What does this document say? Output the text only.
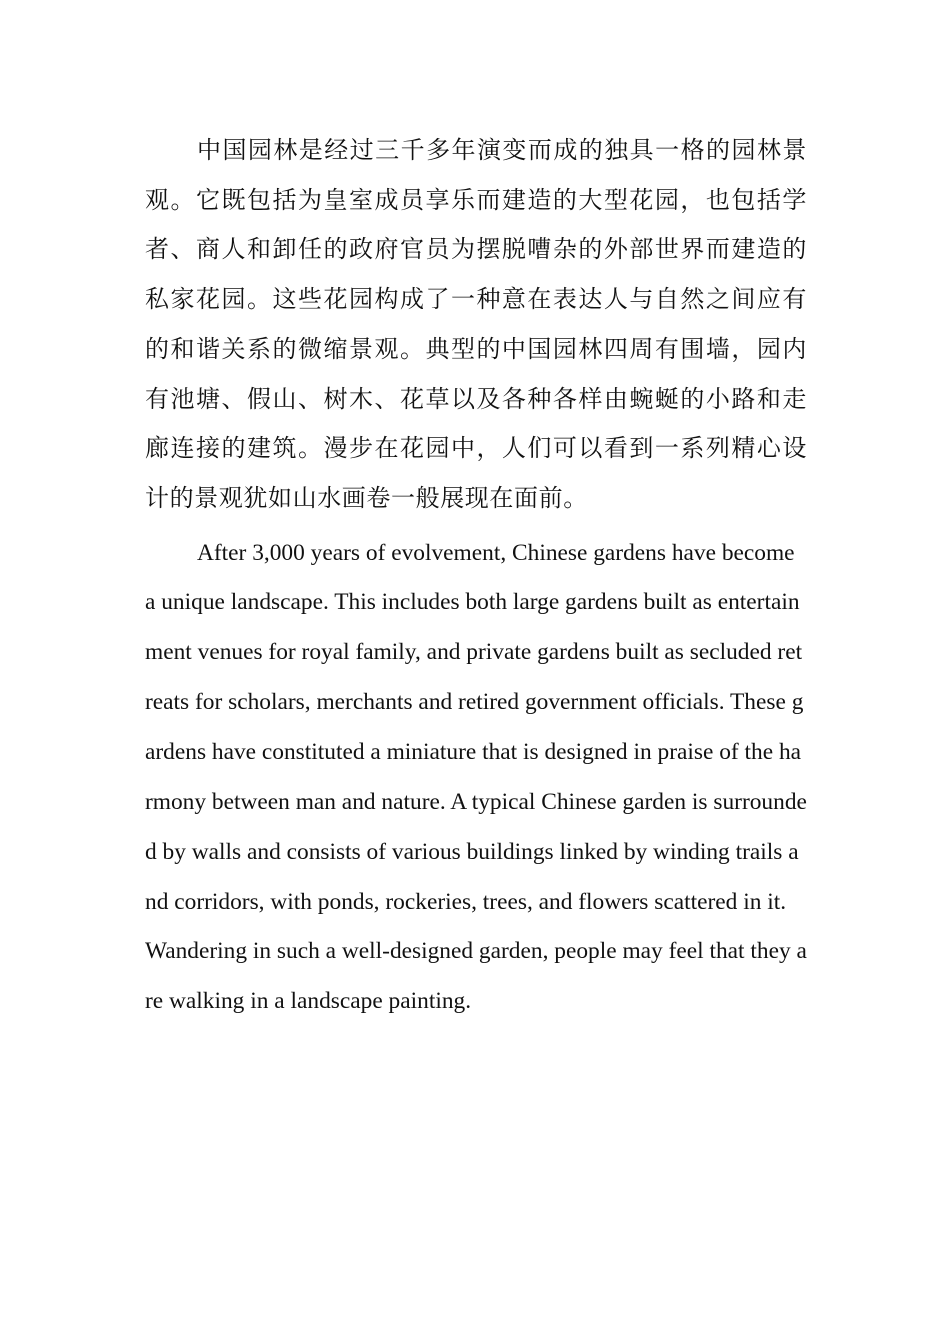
中国园林是经过三千多年演变而成的独具一格的园林景观。它既包括为皇室成员享乐而建造的大型花园，也包括学者、商人和卸任的政府官员为摆脱嘈杂的外部世界而建造的私家花园。这些花园构成了一种意在表达人与自然之间应有的和谐关系的微缩景观。典型的中国园林四周有围墙，园内有池塘、假山、树木、花草以及各种各样由蜿蜒的小路和走廊连接的建筑。漫步在花园中，人们可以看到一系列精心设计的景观犹如山水画卷一般展现在面前。

After 3,000 years of evolvement, Chinese gardens have become a unique landscape. This includes both large gardens built as entertainment venues for royal family, and private gardens built as secluded retreats for scholars, merchants and retired government officials. These gardens have constituted a miniature that is designed in praise of the harmony between man and nature. A typical Chinese garden is surrounded by walls and consists of various buildings linked by winding trails and corridors, with ponds, rockeries, trees, and flowers scattered in it. Wandering in such a well-designed garden, people may feel that they are walking in a landscape painting.
